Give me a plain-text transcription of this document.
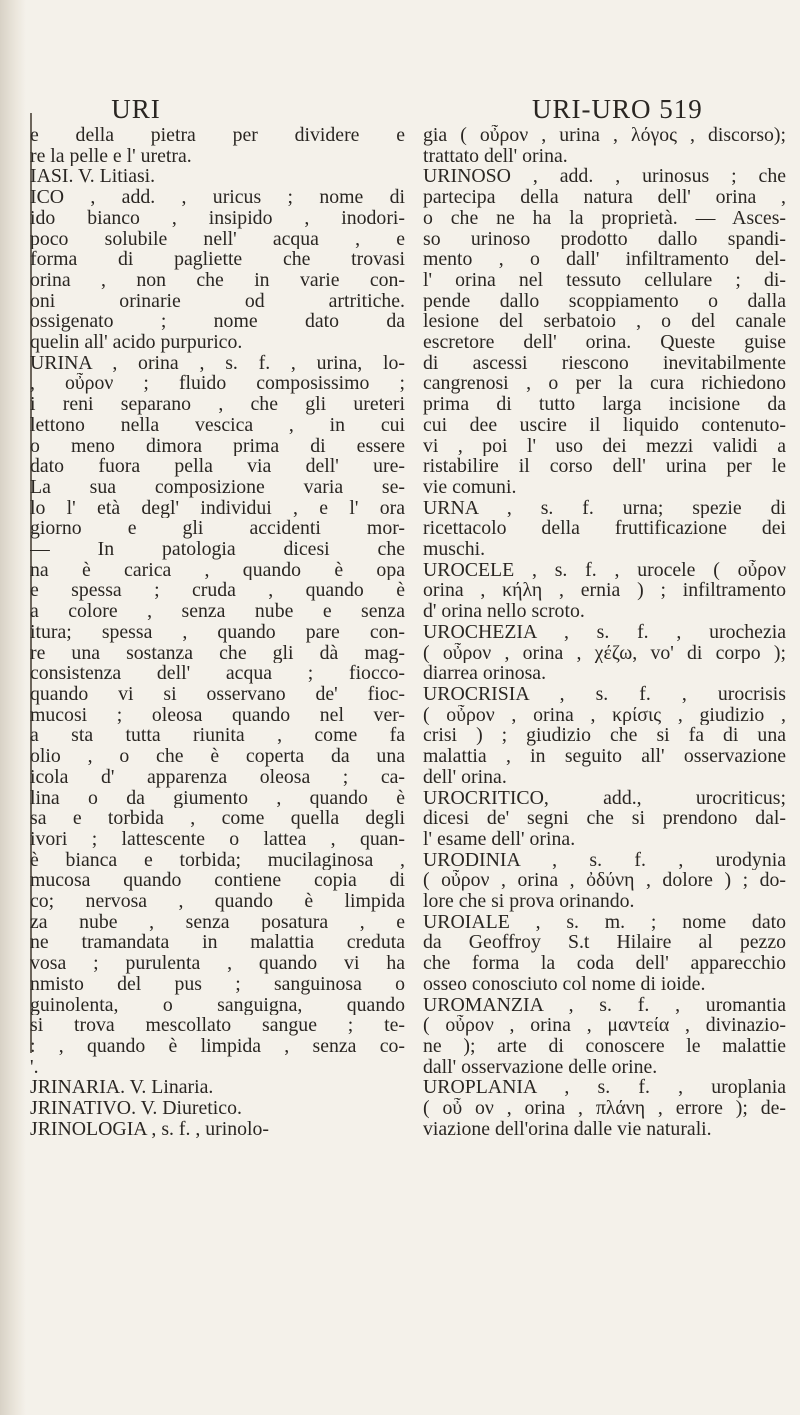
URI	URI-URO 519

e della pietra per dividere e

re la pelle e l' uretra.

IASI. V. Litiasi.

ICO , add. , uricus ; nome di

ido bianco , insipido , inodori-

poco solubile nell' acqua , e

forma di pagliette che trovasi

orina , non che in varie con-

oni orinarie od artritiche.

ossigenato ; nome dato da

quelin all' acido purpurico.

URINA , orina , s. f. , urina, lo-

, οὖρον ; fluido composissimo ;

i reni separano , che gli ureteri

lettono nella vescica , in cui

o meno dimora prima di essere

dato fuora pella via dell' ure-

La sua composizione varia se-

lo l' età degl' individui , e l' ora

giorno e gli accidenti mor-

— In patologia dicesi che

na è carica , quando è opa

e spessa ; cruda , quando è

a colore , senza nube e senza

itura; spessa , quando pare con-

re una sostanza che gli dà mag-

consistenza dell' acqua ; fiocco-

quando vi si osservano de' fioc-

mucosi ; oleosa quando nel ver-

a sta tutta riunita , come fa

olio , o che è coperta da una

icola d' apparenza oleosa ; ca-

lina o da giumento , quando è

sa e torbida , come quella degli

ivori ; lattescente o lattea , quan-

è bianca e torbida; mucilaginosa ,

mucosa quando contiene copia di

co; nervosa , quando è limpida

za nube , senza posatura , e

ne tramandata in malattia creduta

vosa ; purulenta , quando vi ha

nmisto del pus ; sanguinosa o

guinolenta, o sanguigna, quando

si trova mescollato sangue ; te-

: , quando è limpida , senza co-

'.

JRINARIA. V. Linaria.

JRINATIVO. V. Diuretico.

JRINOLOGIA , s. f. , urinolo-

gia ( οὖρον , urina , λόγος , discorso);

trattato dell' orina.

URINOSO , add. , urinosus ; che

partecipa della natura dell' orina ,

o che ne ha la proprietà. — Asces-

so urinoso prodotto dallo spandi-

mento , o dall' infiltramento del-

l' orina nel tessuto cellulare ; di-

pende dallo scoppiamento o dalla

lesione del serbatoio , o del canale

escretore dell' orina. Queste guise

di ascessi riescono inevitabilmente

cangrenosi , o per la cura richiedono

prima di tutto larga incisione da

cui dee uscire il liquido contenuto-

vi , poi l' uso dei mezzi validi a

ristabilire il corso dell' urina per le

vie comuni.

URNA , s. f. urna; spezie di

ricettacolo della fruttificazione dei

muschi.

UROCELE , s. f. , urocele ( οὖρον

orina , κήλη , ernia ) ; infiltramento

d' orina nello scroto.

UROCHEZIA , s. f. , urochezia

( οὖρον , orina , χέζω, vo' di corpo );

diarrea orinosa.

UROCRISIA , s. f. , urocrisis

( οὖρον , orina , κρίσις , giudizio ,

crisi ) ; giudizio che si fa di una

malattia , in seguito all' osservazione

dell' orina.

UROCRITICO, add., urocriticus;

dicesi de' segni che si prendono dal-

l' esame dell' orina.

URODINIA , s. f. , urodynia

( οὖρον , orina , ὀδύνη , dolore ) ; do-

lore che si prova orinando.

UROIALE , s. m. ; nome dato

da Geoffroy S.t Hilaire al pezzo

che forma la coda dell' apparecchio

osseo conosciuto col nome di ioide.

UROMANZIA , s. f. , uromantia

( οὖρον , orina , μαντεία , divinazio-

ne ); arte di conoscere le malattie

dall' osservazione delle orine.

UROPLANIA , s. f. , uroplania

( οὖ ον , orina , πλάνη , errore ); de-

viazione dell'orina dalle vie naturali.
